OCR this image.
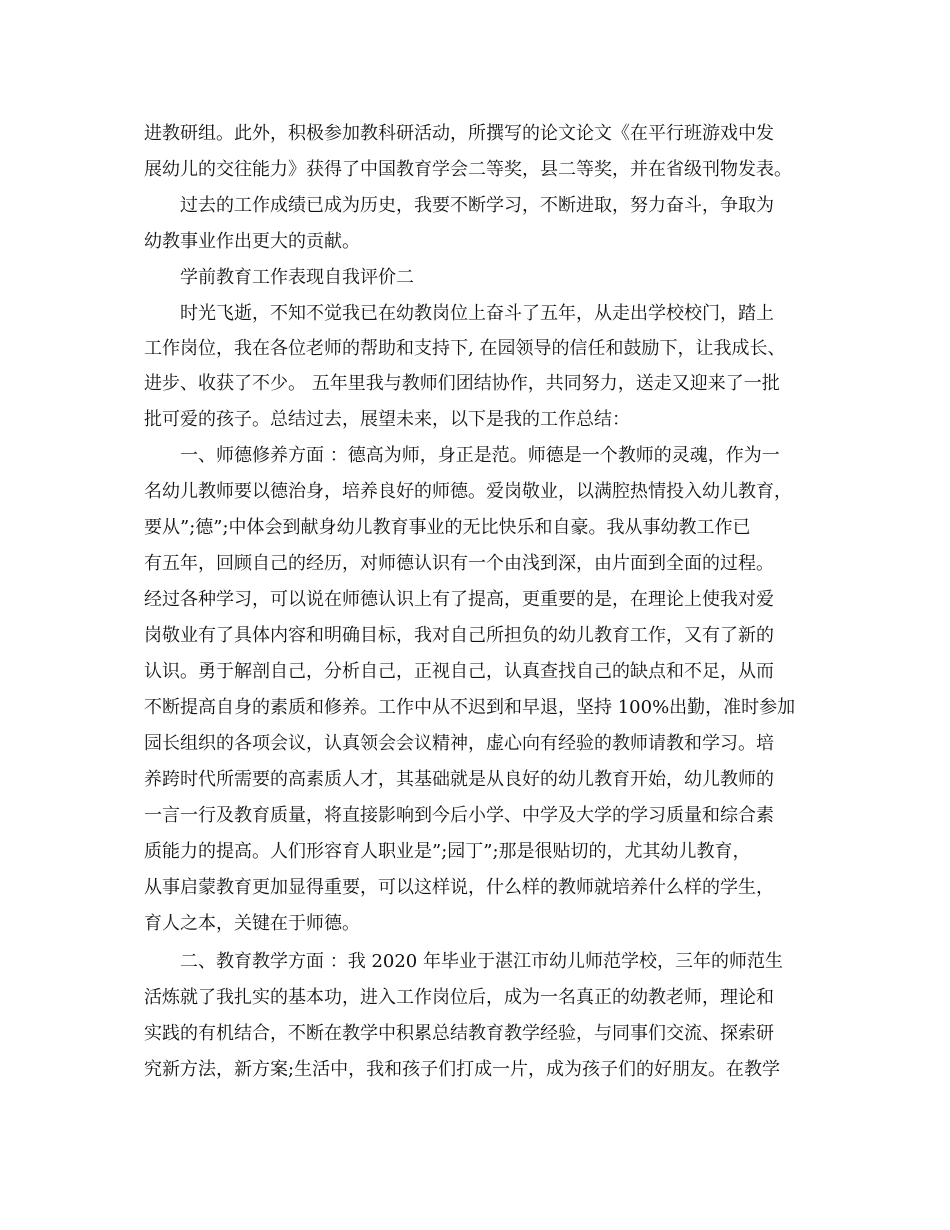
进教研组。此外，积极参加教科研活动，所撰写的论文论文《在平行班游戏中发
展幼儿的交往能力》获得了中国教育学会二等奖，县二等奖，并在省级刊物发表。
过去的工作成绩已成为历史，我要不断学习，不断进取，努力奋斗，争取为
幼教事业作出更大的贡献。
学前教育工作表现自我评价二
时光飞逝，不知不觉我已在幼教岗位上奋斗了五年，从走出学校校门，踏上
工作岗位，我在各位老师的帮助和支持下, 在园领导的信任和鼓励下，让我成长、
进步、收获了不少。 五年里我与教师们团结协作，共同努力，送走又迎来了一批
批可爱的孩子。总结过去，展望未来，以下是我的工作总结：
一、师德修养方面 ：德高为师，身正是范。师德是一个教师的灵魂，作为一
名幼儿教师要以德治身，培养良好的师德。爱岗敬业，以满腔热情投入幼儿教育，
要从”;德”;中体会到献身幼儿教育事业的无比快乐和自豪。我从事幼教工作已
有五年，回顾自己的经历，对师德认识有一个由浅到深，由片面到全面的过程。
经过各种学习，可以说在师德认识上有了提高，更重要的是，在理论上使我对爱
岗敬业有了具体内容和明确目标，我对自己所担负的幼儿教育工作，又有了新的
认识。勇于解剖自己，分析自己，正视自己，认真查找自己的缺点和不足，从而
不断提高自身的素质和修养。工作中从不迟到和早退，坚持 100%出勤，准时参加
园长组织的各项会议，认真领会会议精神，虚心向有经验的教师请教和学习。培
养跨时代所需要的高素质人才，其基础就是从良好的幼儿教育开始，幼儿教师的
一言一行及教育质量，将直接影响到今后小学、中学及大学的学习质量和综合素
质能力的提高。人们形容育人职业是”;园丁”;那是很贴切的，尤其幼儿教育，
从事启蒙教育更加显得重要，可以这样说，什么样的教师就培养什么样的学生，
育人之本，关键在于师德。
二、教育教学方面 ：我 2020 年毕业于湛江市幼儿师范学校，三年的师范生
活炼就了我扎实的基本功，进入工作岗位后，成为一名真正的幼教老师，理论和
实践的有机结合，不断在教学中积累总结教育教学经验，与同事们交流、探索研
究新方法，新方案;生活中，我和孩子们打成一片，成为孩子们的好朋友。在教学
